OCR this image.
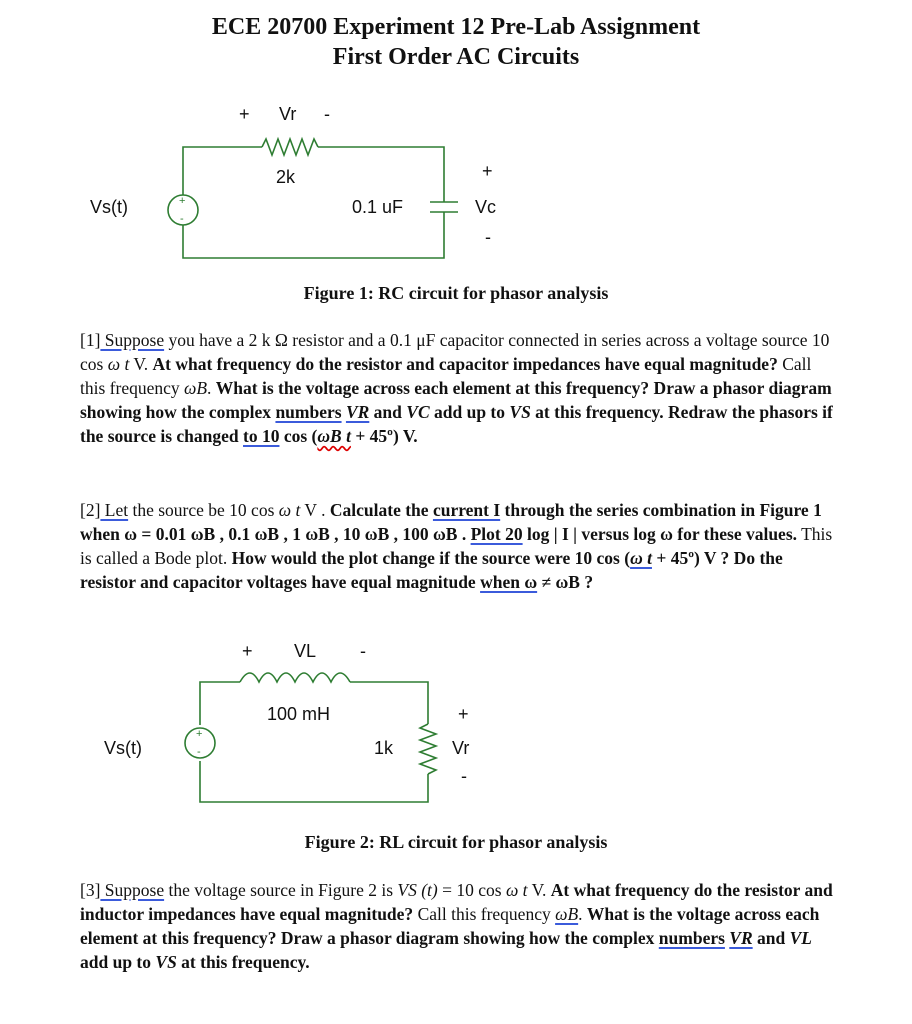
ECE 20700 Experiment 12 Pre-Lab Assignment
First Order AC Circuits
+
-
+ Vr -
2k
Vs(t)	0.1 uF
+
Vc
-
Figure 1: RC circuit for phasor analysis
[1] Suppose you have a 2 k Ω resistor and a 0.1 μF capacitor connected in series across a voltage source 10 cos ω t V. At what frequency do the resistor and capacitor impedances have equal magnitude? Call this frequency ωB. What is the voltage across each element at this frequency? Draw a phasor diagram showing how the complex numbers VR and VC add up to VS at this frequency. Redraw the phasors if the source is changed to 10 cos (ωB t + 45º) V.
[2] Let the source be 10 cos ω t V . Calculate the current I through the series combination in Figure 1 when ω = 0.01 ωB , 0.1 ωB , 1 ωB , 10 ωB , 100 ωB . Plot 20 log | I | versus log ω for these values. This is called a Bode plot. How would the plot change if the source were 10 cos (ω t + 45º) V ? Do the resistor and capacitor voltages have equal magnitude when ω ≠ ωB ?
+
-
+ VL -
100 mH
Vs(t)	1k
+
Vr
-
Figure 2: RL circuit for phasor analysis
[3] Suppose the voltage source in Figure 2 is VS (t) = 10 cos ω t V. At what frequency do the resistor and inductor impedances have equal magnitude? Call this frequency ωB. What is the voltage across each element at this frequency? Draw a phasor diagram showing how the complex numbers VR and VL add up to VS at this frequency.
